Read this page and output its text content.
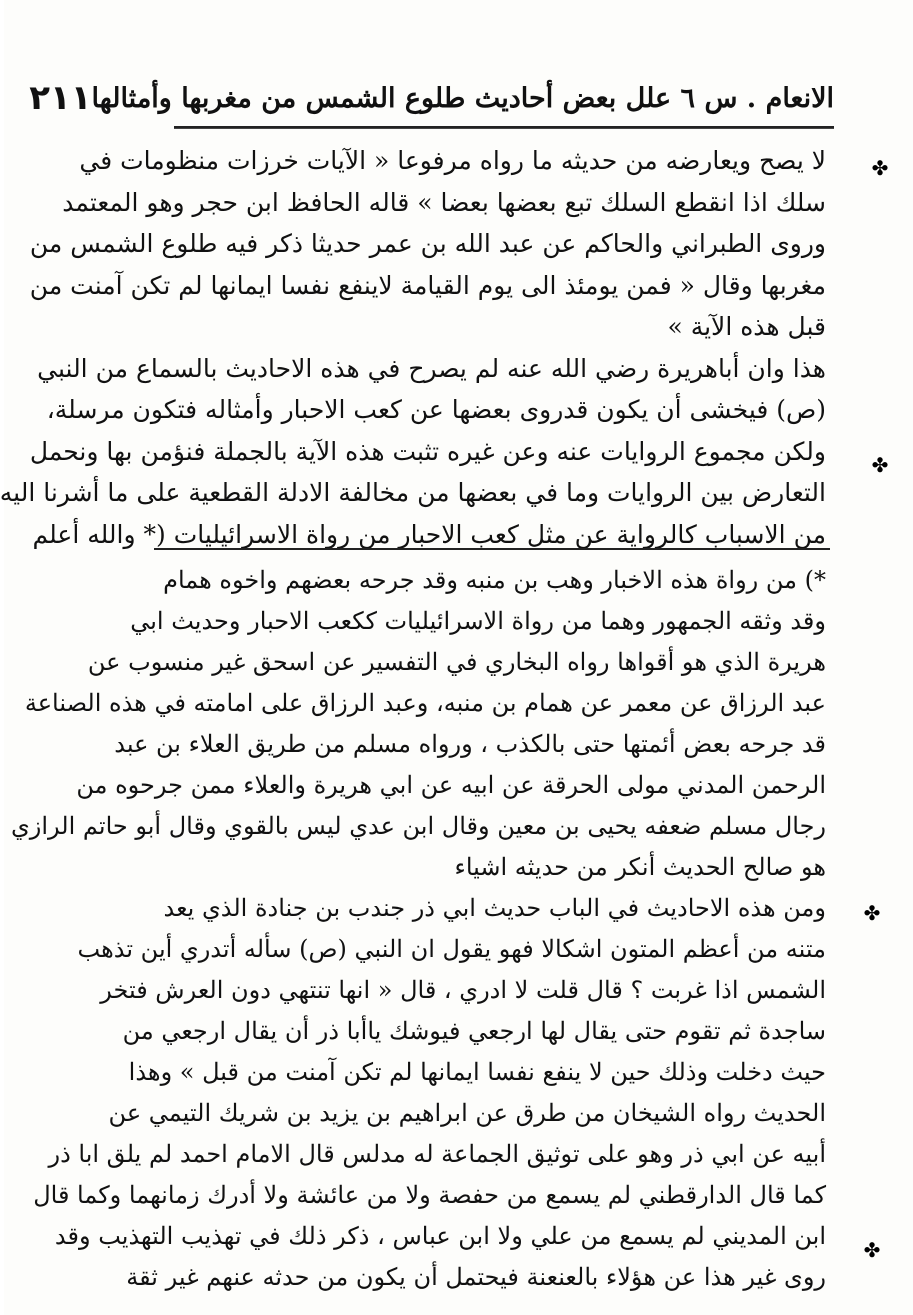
الانعام . س ٦ علل بعض أحاديث طلوع الشمس من مغربها وأمثالها
٢١١
لا يصح ويعارضه من حديثه ما رواه مرفوعا « الآيات خرزات منظومات في
سلك اذا انقطع السلك تبع بعضها بعضا » قاله الحافظ ابن حجر وهو المعتمد
وروى الطبراني والحاكم عن عبد الله بن عمر حديثا ذكر فيه طلوع الشمس من
مغربها وقال « فمن يومئذ الى يوم القيامة لاينفع نفسا ايمانها لم تكن آمنت من
قبل هذه الآية »
هذا وان أباهريرة رضي الله عنه لم يصرح في هذه الاحاديث بالسماع من النبي
(ص) فيخشى أن يكون قدروى بعضها عن كعب الاحبار وأمثاله فتكون مرسلة،
ولكن مجموع الروايات عنه وعن غيره تثبت هذه الآية بالجملة فنؤمن بها ونحمل
التعارض بين الروايات وما في بعضها من مخالفة الادلة القطعية على ما أشرنا اليه
من الاسباب كالرواية عن مثل كعب الاحبار من رواة الاسرائيليات (* والله أعلم
*) من رواة هذه الاخبار وهب بن منبه وقد جرحه بعضهم واخوه همام
وقد وثقه الجمهور وهما من رواة الاسرائيليات ككعب الاحبار وحديث ابي
هريرة الذي هو أقواها رواه البخاري في التفسير عن اسحق غير منسوب عن
عبد الرزاق عن معمر عن همام بن منبه، وعبد الرزاق على امامته في هذه الصناعة
قد جرحه بعض أئمتها حتى بالكذب ، ورواه مسلم من طريق العلاء بن عبد
الرحمن المدني مولى الحرقة عن ابيه عن ابي هريرة والعلاء ممن جرحوه من
رجال مسلم ضعفه يحيى بن معين وقال ابن عدي ليس بالقوي وقال أبو حاتم الرازي
هو صالح الحديث أنكر من حديثه اشياء
ومن هذه الاحاديث في الباب حديث ابي ذر جندب بن جنادة الذي يعد
متنه من أعظم المتون اشكالا فهو يقول ان النبي (ص) سأله أتدري أين تذهب
الشمس اذا غربت ؟ قال قلت لا ادري ، قال « انها تنتهي دون العرش فتخر
ساجدة ثم تقوم حتى يقال لها ارجعي فيوشك ياأبا ذر أن يقال ارجعي من
حيث دخلت وذلك حين لا ينفع نفسا ايمانها لم تكن آمنت من قبل » وهذا
الحديث رواه الشيخان من طرق عن ابراهيم بن يزيد بن شريك التيمي عن
أبيه عن ابي ذر وهو على توثيق الجماعة له مدلس قال الامام احمد لم يلق ابا ذر
كما قال الدارقطني لم يسمع من حفصة ولا من عائشة ولا أدرك زمانهما وكما قال
ابن المديني لم يسمع من علي ولا ابن عباس ، ذكر ذلك في تهذيب التهذيب وقد
روى غير هذا عن هؤلاء بالعنعنة فيحتمل أن يكون من حدثه عنهم غير ثقة
✤
✤
✤
✤
